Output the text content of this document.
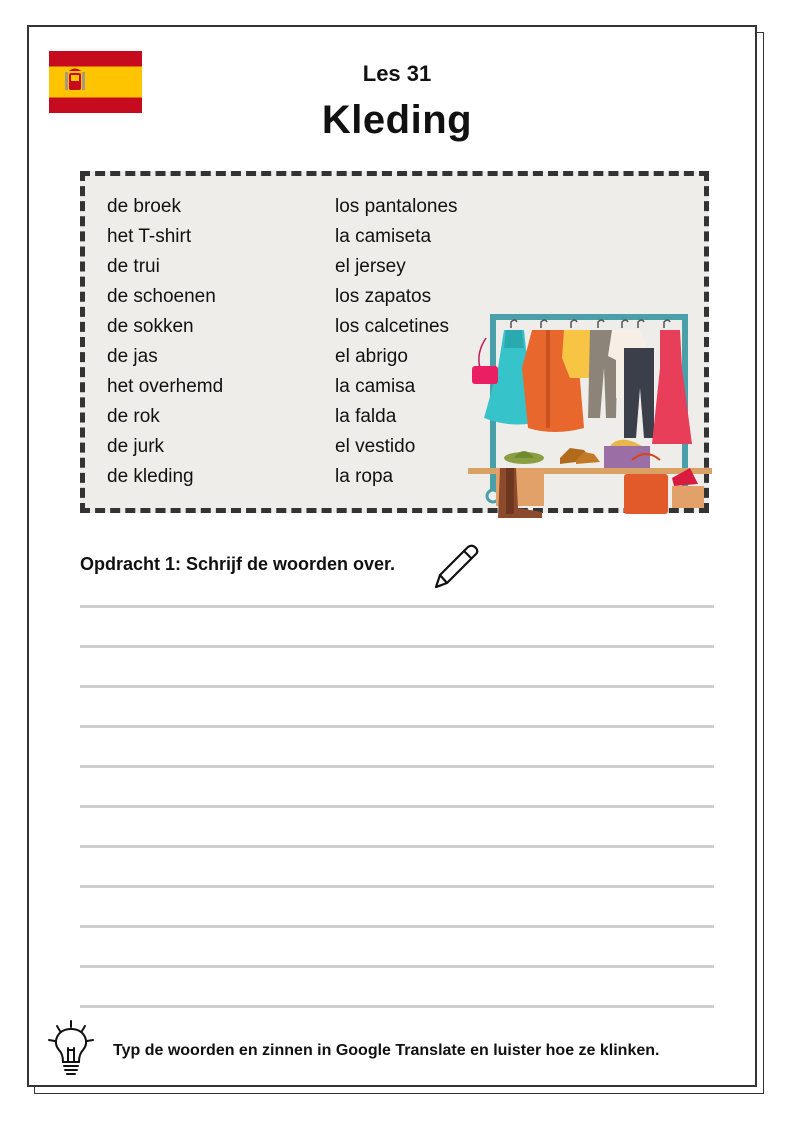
Les 31
Kleding
de broek	los pantalones
het T-shirt	la camiseta
de trui	el jersey
de schoenen	los zapatos
de sokken	los calcetines
de jas	el abrigo
het overhemd	la camisa
de rok	la falda
de jurk	el vestido
de kleding	la ropa
Opdracht 1: Schrijf de woorden over.
Typ de woorden en zinnen in Google Translate en luister hoe ze klinken.
